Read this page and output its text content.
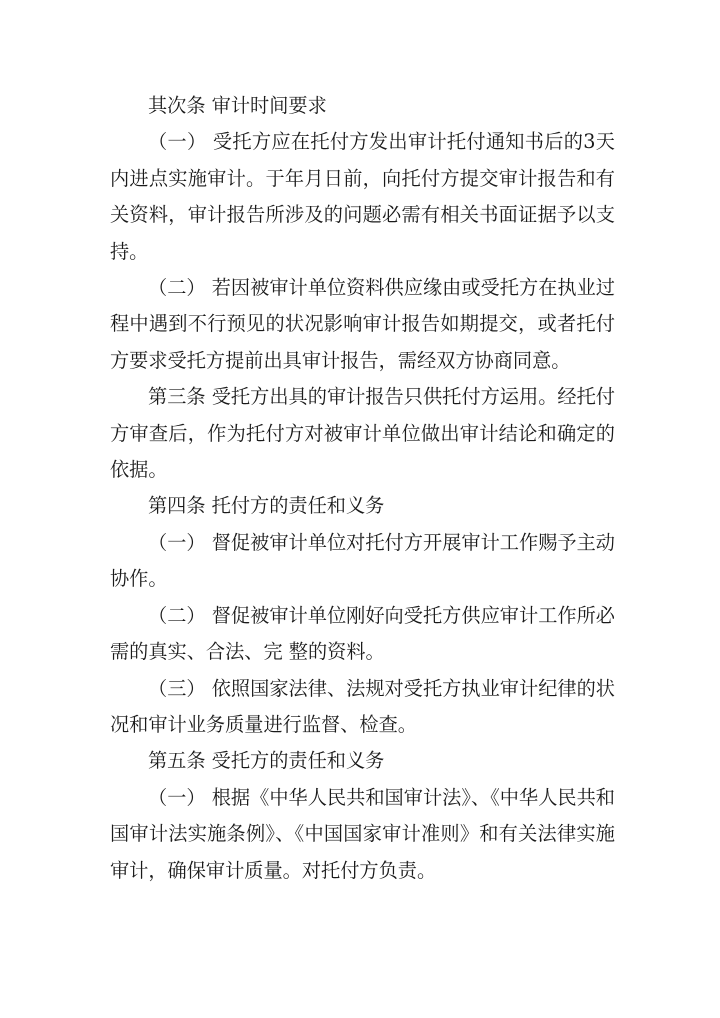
其次条 审计时间要求

（一） 受托方应在托付方发出审计托付通知书后的3天内进点实施审计。于年月日前，向托付方提交审计报告和有关资料，审计报告所涉及的问题必需有相关书面证据予以支持。

（二） 若因被审计单位资料供应缘由或受托方在执业过程中遇到不行预见的状况影响审计报告如期提交，或者托付方要求受托方提前出具审计报告，需经双方协商同意。

第三条 受托方出具的审计报告只供托付方运用。经托付方审查后，作为托付方对被审计单位做出审计结论和确定的依据。

第四条 托付方的责任和义务

（一） 督促被审计单位对托付方开展审计工作赐予主动协作。

（二） 督促被审计单位刚好向受托方供应审计工作所必需的真实、合法、完 整的资料。

（三） 依照国家法律、法规对受托方执业审计纪律的状况和审计业务质量进行监督、检查。

第五条 受托方的责任和义务

（一） 根据《中华人民共和国审计法》、《中华人民共和国审计法实施条例》、《中国国家审计准则》和有关法律实施审计，确保审计质量。对托付方负责。
